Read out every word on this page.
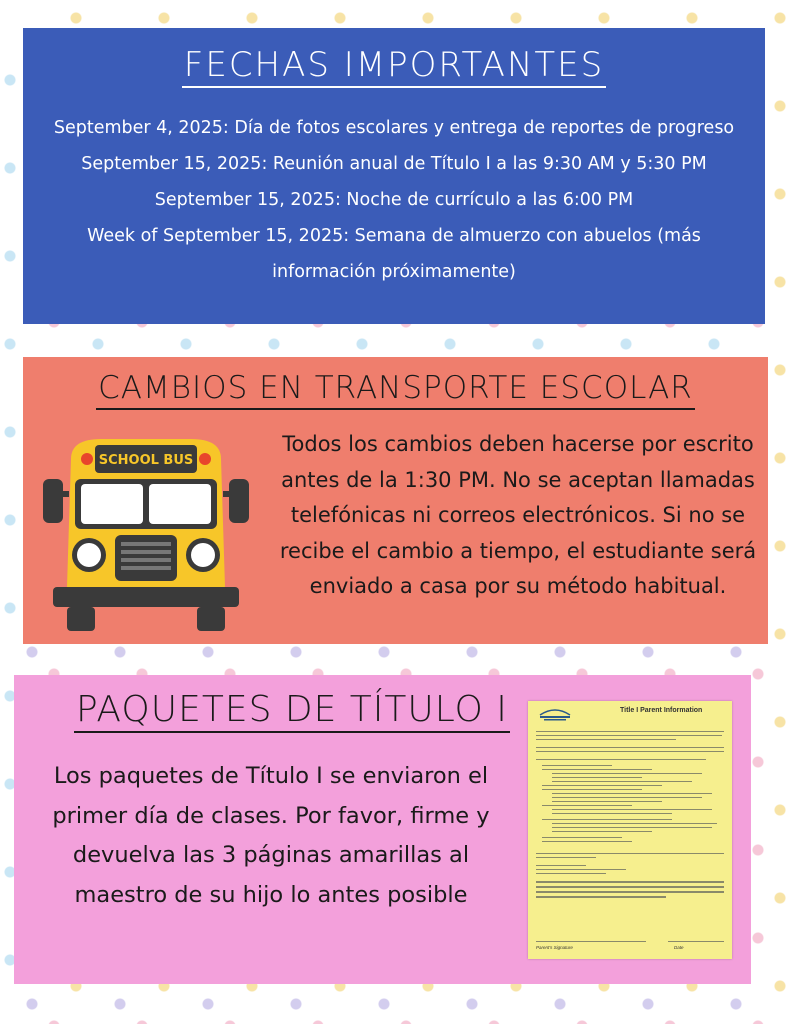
FECHAS IMPORTANTES
September 4, 2025: Día de fotos escolares y entrega de reportes de progreso
September 15, 2025: Reunión anual de Título I a las 9:30 AM y 5:30 PM
September 15, 2025: Noche de currículo a las 6:00 PM
Week of September 15, 2025: Semana de almuerzo con abuelos (más información próximamente)
CAMBIOS EN TRANSPORTE ESCOLAR
SCHOOL BUS
Todos los cambios deben hacerse por escrito antes de la 1:30 PM. No se aceptan llamadas telefónicas ni correos electrónicos. Si no se recibe el cambio a tiempo, el estudiante será enviado a casa por su método habitual.
PAQUETES DE TÍTULO I
Los paquetes de Título I se enviaron el primer día de clases. Por favor, firme y devuelva las 3 páginas amarillas al maestro de su hijo lo antes posible
Title I Parent Information
Parent's Signature	Date
